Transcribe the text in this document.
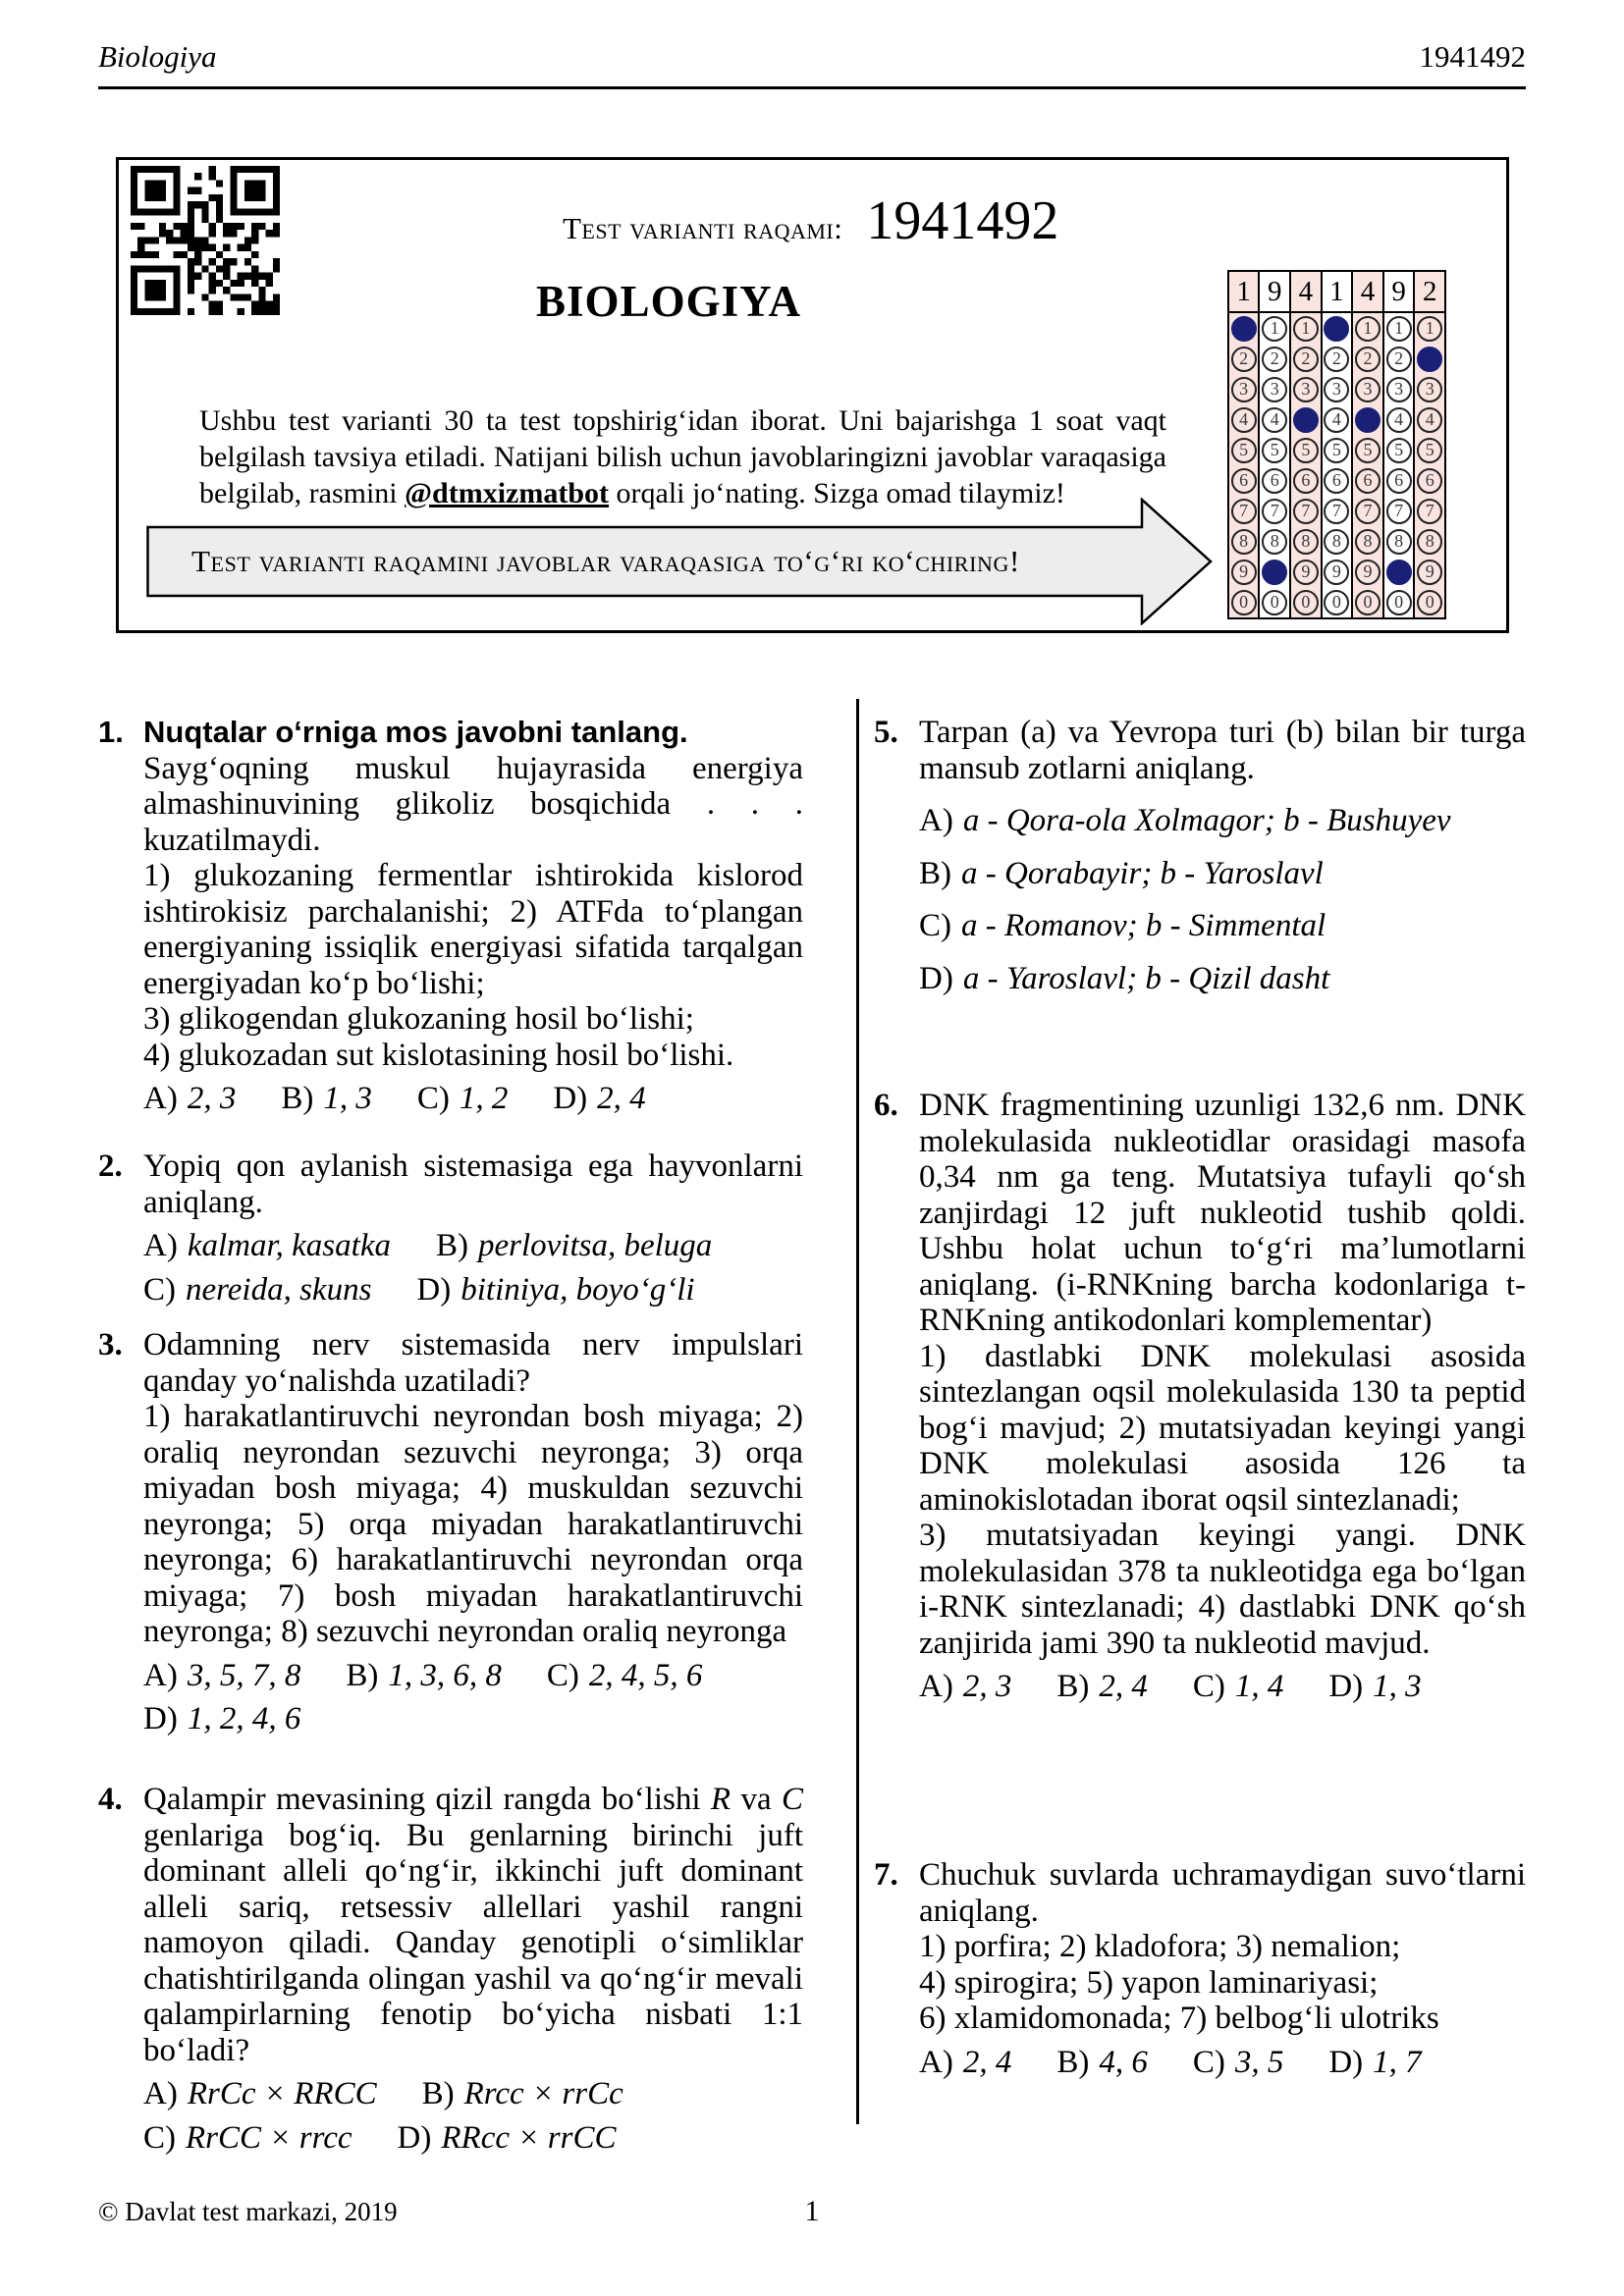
Biologiya	1941492
Test varianti raqami: 1941492
BIOLOGIYA
Ushbu test varianti 30 ta test topshirig‘idan iborat. Uni bajarishga 1 soat vaqt belgilash tavsiya etiladi. Natijani bilish uchun javoblaringizni javoblar varaqasiga belgilab, rasmini @dtmxizmatbot orqali jo‘nating. Sizga omad tilaymiz!
Test varianti raqamini javoblar varaqasiga to‘g‘ri ko‘chiring!
1
2
3
4
5
6
7
8
9
0
9
1
2
3
4
5
6
7
8
0
4
1
2
3
5
6
7
8
9
0
1
2
3
4
5
6
7
8
9
0
4
1
2
3
5
6
7
8
9
0
9
1
2
3
4
5
6
7
8
0
2
1
3
4
5
6
7
8
9
0
1. Nuqtalar o‘rniga mos javobni tanlang.

Sayg‘oqning muskul hujayrasida energiya almashinuvining glikoliz bosqichida . . . kuzatilmaydi.

1) glukozaning fermentlar ishtirokida kislorod ishtirokisiz parchalanishi; 2) ATFda to‘plangan energiyaning issiqlik energiyasi sifatida tarqalgan energiyadan ko‘p bo‘lishi;

3) glikogendan glukozaning hosil bo‘lishi;

4) glukozadan sut kislotasining hosil bo‘lishi.

A) 2, 3 B) 1, 3 C) 1, 2 D) 2, 4

2. Yopiq qon aylanish sistemasiga ega hayvonlarni aniqlang.

A) kalmar, kasatka B) perlovitsa, beluga

C) nereida, skuns D) bitiniya, boyo‘g‘li

3. Odamning nerv sistemasida nerv impulslari qanday yo‘nalishda uzatiladi?

1) harakatlantiruvchi neyrondan bosh miyaga; 2) oraliq neyrondan sezuvchi neyronga; 3) orqa miyadan bosh miyaga; 4) muskuldan sezuvchi neyronga; 5) orqa miyadan harakatlantiruvchi neyronga; 6) harakatlantiruvchi neyrondan orqa miyaga; 7) bosh miyadan harakatlantiruvchi neyronga; 8) sezuvchi neyrondan oraliq neyronga

A) 3, 5, 7, 8 B) 1, 3, 6, 8 C) 2, 4, 5, 6

D) 1, 2, 4, 6

4. Qalampir mevasining qizil rangda bo‘lishi R va C genlariga bog‘iq. Bu genlarning birinchi juft dominant alleli qo‘ng‘ir, ikkinchi juft dominant alleli sariq, retsessiv allellari yashil rangni namoyon qiladi. Qanday genotipli o‘simliklar chatishtirilganda olingan yashil va qo‘ng‘ir mevali qalampirlarning fenotip bo‘yicha nisbati 1:1 bo‘ladi?

A) RrCc × RRCC B) Rrcc × rrCc

C) RrCC × rrcc D) RRcc × rrCC

5. Tarpan (a) va Yevropa turi (b) bilan bir turga mansub zotlarni aniqlang.

A) a - Qora-ola Xolmagor; b - Bushuyev

B) a - Qorabayir; b - Yaroslavl

C) a - Romanov; b - Simmental

D) a - Yaroslavl; b - Qizil dasht

6. DNK fragmentining uzunligi 132,6 nm. DNK molekulasida nukleotidlar orasidagi masofa 0,34 nm ga teng. Mutatsiya tufayli qo‘sh zanjirdagi 12 juft nukleotid tushib qoldi. Ushbu holat uchun to‘g‘ri ma’lumotlarni aniqlang. (i-RNKning barcha kodonlariga t-RNKning antikodonlari komplementar)

1) dastlabki DNK molekulasi asosida sintezlangan oqsil molekulasida 130 ta peptid bog‘i mavjud; 2) mutatsiyadan keyingi yangi DNK molekulasi asosida 126 ta aminokislotadan iborat oqsil sintezlanadi;

3) mutatsiyadan keyingi yangi. DNK molekulasidan 378 ta nukleotidga ega bo‘lgan i-RNK sintezlanadi; 4) dastlabki DNK qo‘sh zanjirida jami 390 ta nukleotid mavjud.

A) 2, 3 B) 2, 4 C) 1, 4 D) 1, 3

7. Chuchuk suvlarda uchramaydigan suvo‘tlarni aniqlang.

1) porfira; 2) kladofora; 3) nemalion;

4) spirogira; 5) yapon laminariyasi;

6) xlamidomonada; 7) belbog‘li ulotriks

A) 2, 4 B) 4, 6 C) 3, 5 D) 1, 7

© Davlat test markazi, 2019	1
